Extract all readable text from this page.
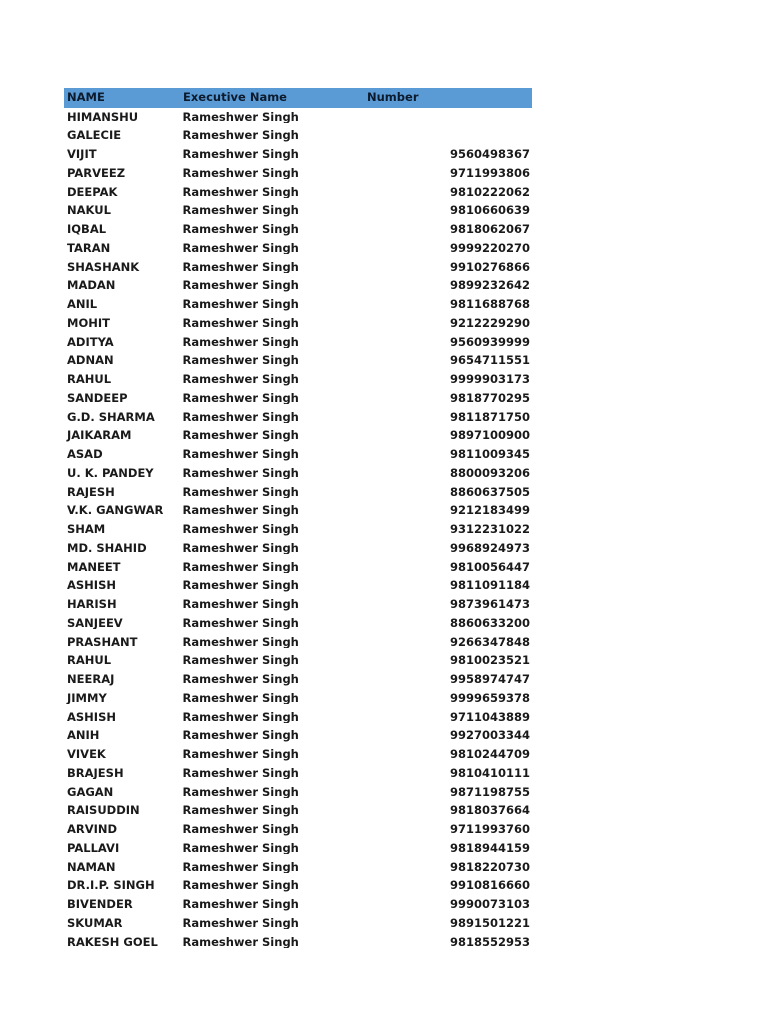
NAME	Executive Name	Number
HIMANSHU	Rameshwer Singh
GALECIE	Rameshwer Singh
VIJIT	Rameshwer Singh	9560498367
PARVEEZ	Rameshwer Singh	9711993806
DEEPAK	Rameshwer Singh	9810222062
NAKUL	Rameshwer Singh	9810660639
IQBAL	Rameshwer Singh	9818062067
TARAN	Rameshwer Singh	9999220270
SHASHANK	Rameshwer Singh	9910276866
MADAN	Rameshwer Singh	9899232642
ANIL	Rameshwer Singh	9811688768
MOHIT	Rameshwer Singh	9212229290
ADITYA	Rameshwer Singh	9560939999
ADNAN	Rameshwer Singh	9654711551
RAHUL	Rameshwer Singh	9999903173
SANDEEP	Rameshwer Singh	9818770295
G.D. SHARMA	Rameshwer Singh	9811871750
JAIKARAM	Rameshwer Singh	9897100900
ASAD	Rameshwer Singh	9811009345
U. K. PANDEY	Rameshwer Singh	8800093206
RAJESH	Rameshwer Singh	8860637505
V.K. GANGWAR	Rameshwer Singh	9212183499
SHAM	Rameshwer Singh	9312231022
MD. SHAHID	Rameshwer Singh	9968924973
MANEET	Rameshwer Singh	9810056447
ASHISH	Rameshwer Singh	9811091184
HARISH	Rameshwer Singh	9873961473
SANJEEV	Rameshwer Singh	8860633200
PRASHANT	Rameshwer Singh	9266347848
RAHUL	Rameshwer Singh	9810023521
NEERAJ	Rameshwer Singh	9958974747
JIMMY	Rameshwer Singh	9999659378
ASHISH	Rameshwer Singh	9711043889
ANIH	Rameshwer Singh	9927003344
VIVEK	Rameshwer Singh	9810244709
BRAJESH	Rameshwer Singh	9810410111
GAGAN	Rameshwer Singh	9871198755
RAISUDDIN	Rameshwer Singh	9818037664
ARVIND	Rameshwer Singh	9711993760
PALLAVI	Rameshwer Singh	9818944159
NAMAN	Rameshwer Singh	9818220730
DR.I.P. SINGH	Rameshwer Singh	9910816660
BIVENDER	Rameshwer Singh	9990073103
SKUMAR	Rameshwer Singh	9891501221
RAKESH GOEL	Rameshwer Singh	9818552953
